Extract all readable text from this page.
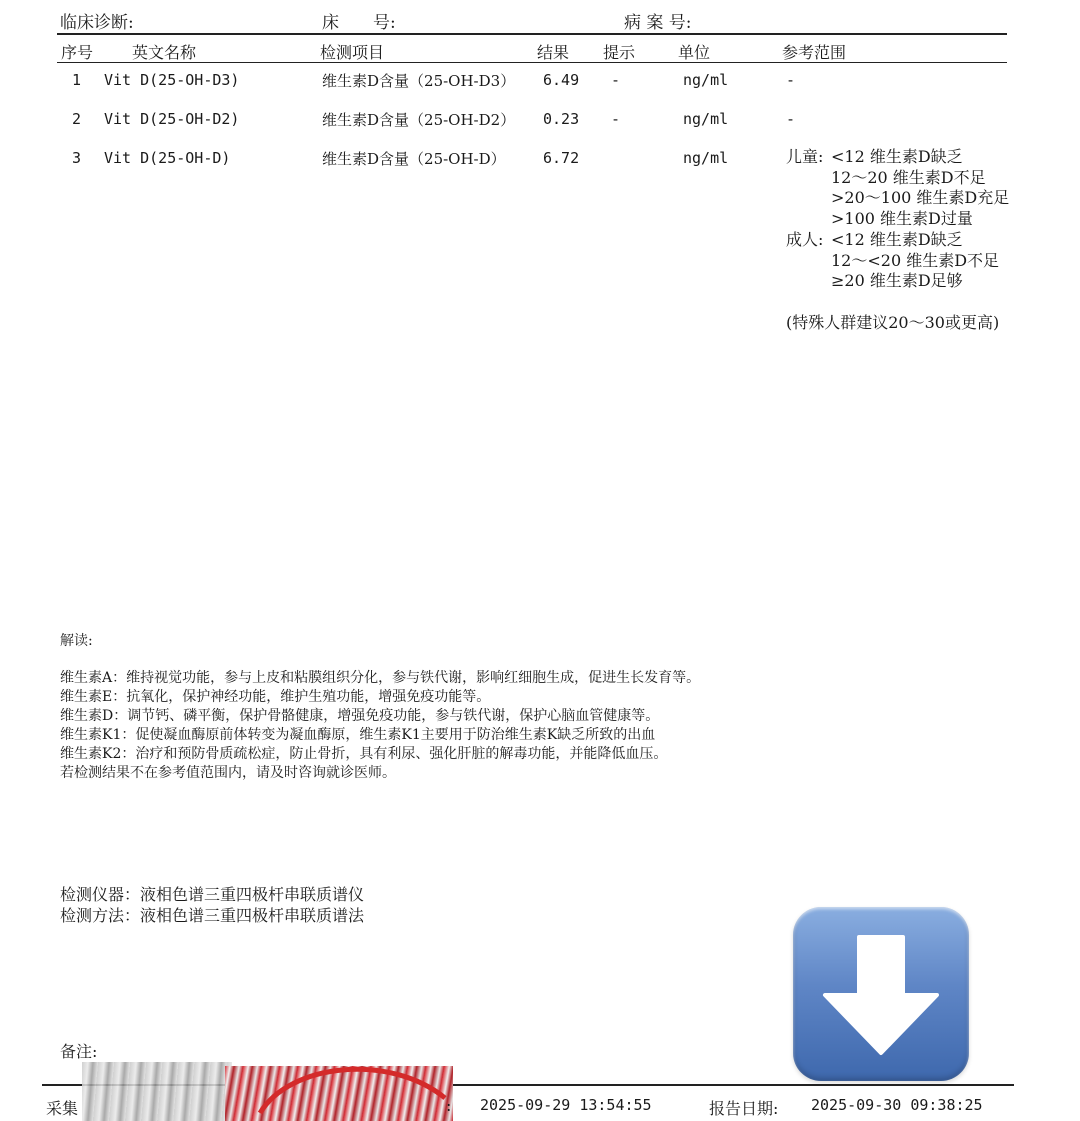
临床诊断:	床　　号:	病 案 号:
序号 英文名称	检测项目	结果 提示	单位	参考范围
1 Vit D(25-OH-D3)	维生素D含量（25-OH-D3） 6.49 -	ng/ml	-
2 Vit D(25-OH-D2)	维生素D含量（25-OH-D2） 0.23 -	ng/ml	-
3 Vit D(25-OH-D)	维生素D含量（25-OH-D） 6.72	ng/ml	儿童: <12 维生素D缺乏
12～20 维生素D不足
>20～100 维生素D充足
>100 维生素D过量
成人: <12 维生素D缺乏
12～<20 维生素D不足
≥20 维生素D足够
(特殊人群建议20～30或更高)
解读:
维生素A：维持视觉功能，参与上皮和粘膜组织分化，参与铁代谢，影响红细胞生成，促进生长发育等。
维生素E：抗氧化，保护神经功能，维护生殖功能，增强免疫功能等。
维生素D：调节钙、磷平衡，保护骨骼健康，增强免疫功能，参与铁代谢，保护心脑血管健康等。
维生素K1：促使凝血酶原前体转变为凝血酶原，维生素K1主要用于防治维生素K缺乏所致的出血
维生素K2：治疗和预防骨质疏松症，防止骨折，具有利尿、强化肝脏的解毒功能，并能降低血压。
若检测结果不在参考值范围内，请及时咨询就诊医师。
检测仪器：液相色谱三重四极杆串联质谱仪
检测方法：液相色谱三重四极杆串联质谱法
备注:
采集	: 2025-09-29 13:54:55	报告日期: 2025-09-30 09:38:25
